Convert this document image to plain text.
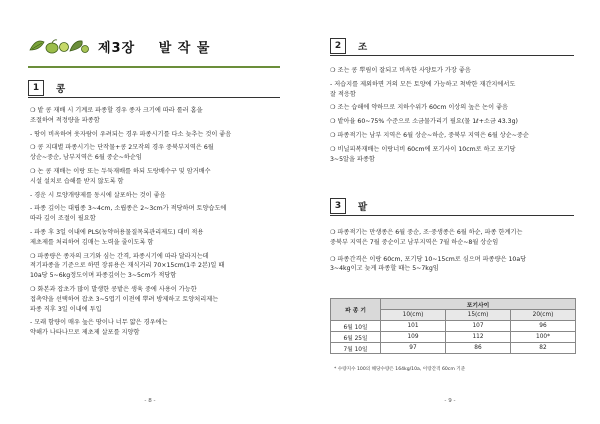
제3장 발 작 물
1	콩

❍ 밭 콩 재배 시 기계로 파종할 경우 종자 크기에 따라 롤러 홈을

조절하여 적정량을 파종함

- 땅이 비옥하여 웃자람이 우려되는 경우 파종시기를 다소 늦추는 것이 좋음

❍ 콩 지대별 파종시기는 단작물+콩 2모작의 경우 중북부지역은 6월

상순~중순, 남부지역은 6월 중순~하순임

❍ 논 콩 재배는 이랑 또는 두둑재배를 하되 도랑배수구 및 암거배수

시설 설치로 습해를 받지 않도록 함

- 경운 시 토양개량제를 동시에 살포하는 것이 좋음

- 파종 깊이는 대립종 3~4cm, 소립종은 2~3cm가 적당하며 토양습도에

따라 깊이 조절이 필요함

- 파종 후 3일 이내에 PLS(농약허용물질목록관리제도) 대비 적용

제초제를 처리하여 김매는 노력을 줄이도록 함

❍ 파종량은 종자의 크기와 심는 간격, 파종시기에 따라 달라지는데

적기파종을 기준으로 하면 장류용은 재식거리 70×15cm(1주 2본)일 때

10a당 5~6kg정도이며 파종깊이는 3~5cm가 적당함

❍ 화본과 잡초가 많이 발생한 콩밭은 생육 중에 사용이 가능한

접촉약을 선택하여 잡초 3~5엽기 이전에 뿌려 방제하고 토양처리제는

파종 직후 3일 이내에 투입

- 모래 함량이 매우 높은 땅이나 너무 얇은 경우에는

약해가 나타나므로 제초제 살포를 지양함

- 8 -
2	조

❍ 조는 콩 뿌림이 잘되고 비옥한 사양토가 가장 좋음

- 저습지를 제외하면 거의 모든 토양에 가능하고 척박한 재간지에서도

잘 적응함

❍ 조는 습해에 약하므로 지하수위가 60cm 이상의 높은 논이 좋음

❍ 밭아율 60~75% 수준으로 소금물가리기 필요(물 1ℓ+소금 43.3g)

❍ 파종적기는 남부 지역은 6월 상순~하순, 중북부 지역은 6월 상순~중순

❍ 비닐피복재배는 이랑너비 60cm에 포기사이 10cm로 하고 포기당

3~5알을 파종함

3	팥

❍ 파종적기는 만생종은 6월 중순, 조·중생종은 6월 하순, 파종 한계기는

중북부 지역은 7월 중순이고 남부지역은 7월 하순~8월 상순임

❍ 파종간격은 이랑 60cm, 포기당 10~15cm로 심으며 파종량은 10a당

3~4kg이고 늦게 파종할 때는 5~7kg임

파 종 기	포기사이		
	10(cm)	15(cm)	20(cm)
6월 10일	101	107	96
6월 25일	109	112	100*
7월 10일	97	86	82
* 수량지수 100의 해당수량은 164kg/10a, 이랑간격 60cm 기준
- 9 -
